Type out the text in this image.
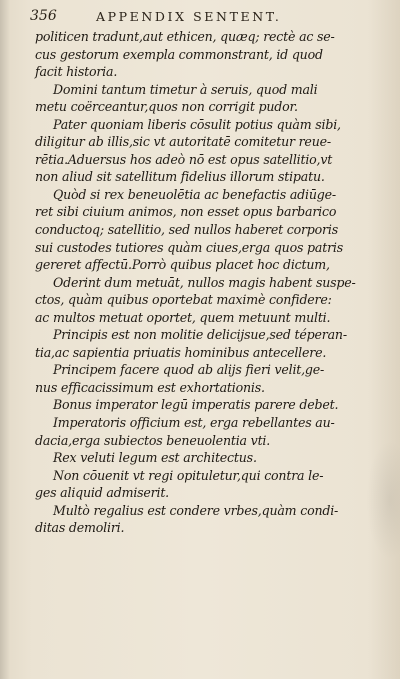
356	APPENDIX SENTENT.
politicen tradunt,aut ethicen, quæq; rectè ac se-
cus gestorum exempla commonstrant, id quod
facit historia.
Domini tantum timetur à seruis, quod mali
metu coërceantur,quos non corrigit pudor.
Pater quoniam liberis cōsulit potius quàm sibi,
diligitur ab illis,sic vt autoritatē comitetur reue-
rētia.Aduersus hos adeò nō est opus satellitio,vt
non aliud sit satellitum fidelius illorum stipatu.
Quòd si rex beneuolētia ac benefactis adiūge-
ret sibi ciuium animos, non esset opus barbarico
conductoq; satellitio, sed nullos haberet corporis
sui custodes tutiores quàm ciues,erga quos patris
gereret affectū.Porrò quibus placet hoc dictum,
Oderint dum metuāt, nullos magis habent suspe-
ctos, quàm quibus oportebat maximè confidere:
ac multos metuat oportet, quem metuunt multi.
Principis est non molitie delicijsue,sed téperan-
tia,ac sapientia priuatis hominibus antecellere.
Principem facere quod ab alijs fieri velit,ge-
nus efficacissimum est exhortationis.
Bonus imperator legū imperatis parere debet.
Imperatoris officium est, erga rebellantes au-
dacia,erga subiectos beneuolentia vti.
Rex veluti legum est architectus.
Non cōuenit vt regi opituletur,qui contra le-
ges aliquid admiserit.
Multò regalius est condere vrbes,quàm condi-
ditas demoliri.
